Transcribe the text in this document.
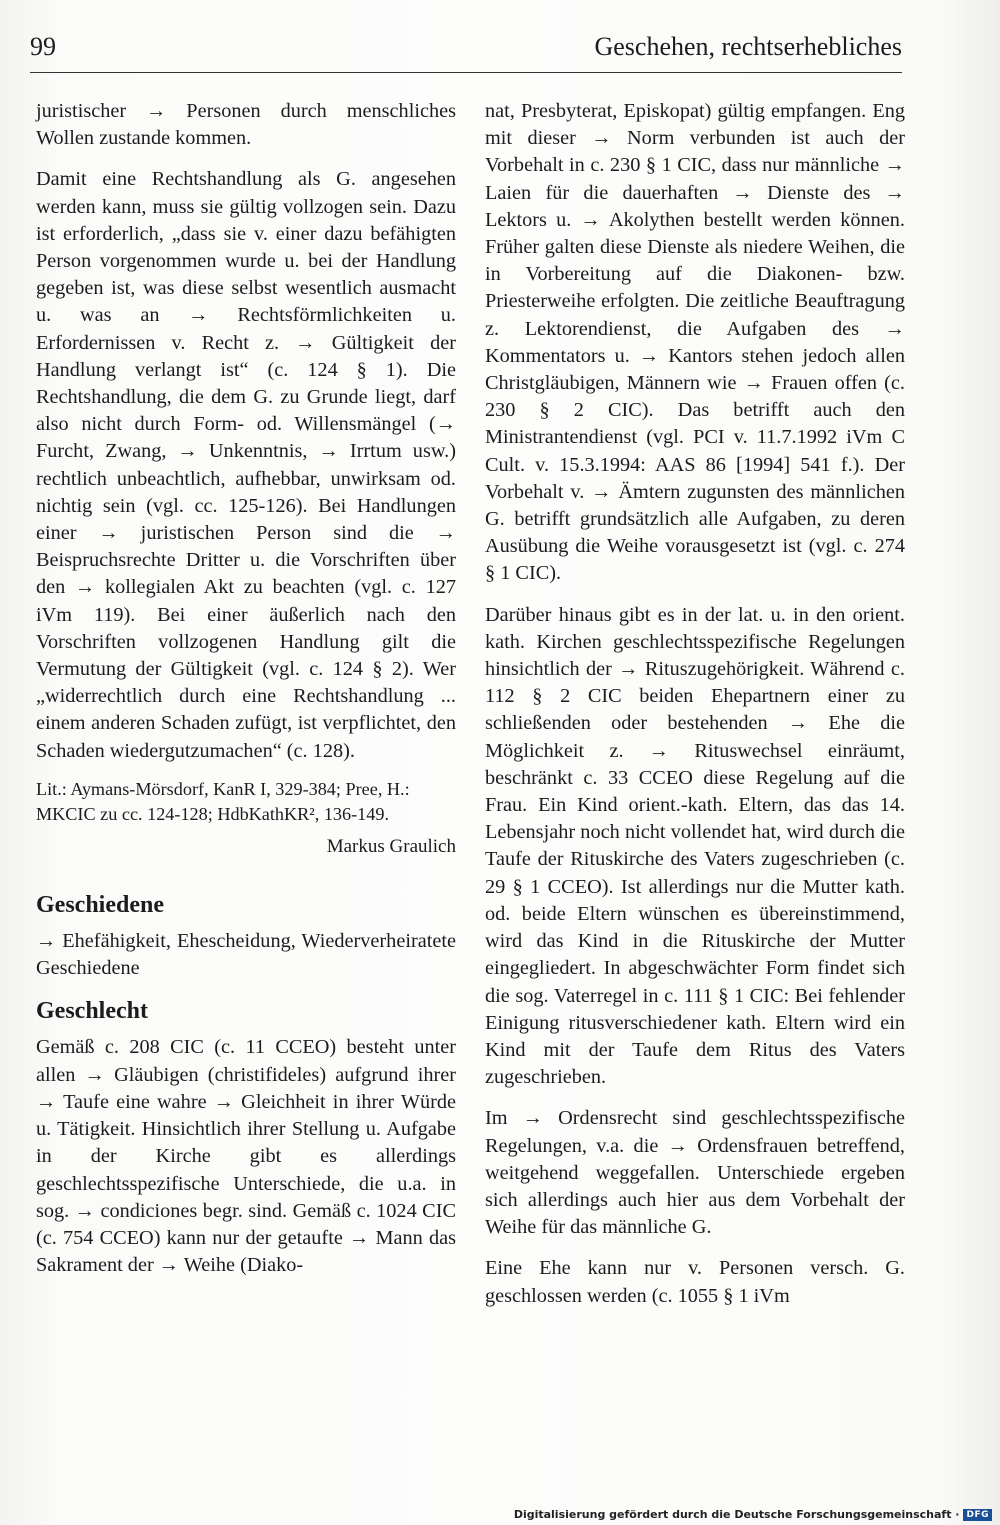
99	Geschehen, rechtserhebliches

juristischer → Personen durch menschliches Wollen zustande kommen.

Damit eine Rechtshandlung als G. angesehen werden kann, muss sie gültig vollzogen sein. Dazu ist erforderlich, „dass sie v. einer dazu befähigten Person vorgenommen wurde u. bei der Handlung gegeben ist, was diese selbst wesentlich ausmacht u. was an → Rechtsförmlichkeiten u. Erfordernissen v. Recht z. → Gültigkeit der Handlung verlangt ist“ (c. 124 § 1). Die Rechtshandlung, die dem G. zu Grunde liegt, darf also nicht durch Form- od. Willensmängel (→ Furcht, Zwang, → Unkenntnis, → Irrtum usw.) rechtlich unbeachtlich, aufhebbar, unwirksam od. nichtig sein (vgl. cc. 125-126). Bei Handlungen einer → juristischen Person sind die → Beispruchsrechte Dritter u. die Vorschriften über den → kollegialen Akt zu beachten (vgl. c. 127 iVm 119). Bei einer äußerlich nach den Vorschriften vollzogenen Handlung gilt die Vermutung der Gültigkeit (vgl. c. 124 § 2). Wer „widerrechtlich durch eine Rechtshandlung ... einem anderen Schaden zufügt, ist verpflichtet, den Schaden wiedergutzumachen“ (c. 128).

Lit.: Aymans-Mörsdorf, KanR I, 329-384; Pree, H.: MKCIC zu cc. 124-128; HdbKathKR², 136-149.

Markus Graulich

Geschiedene

→ Ehefähigkeit, Ehescheidung, Wiederverheiratete Geschiedene

Geschlecht

Gemäß c. 208 CIC (c. 11 CCEO) besteht unter allen → Gläubigen (christifideles) aufgrund ihrer → Taufe eine wahre → Gleichheit in ihrer Würde u. Tätigkeit. Hinsichtlich ihrer Stellung u. Aufgabe in der Kirche gibt es allerdings geschlechtsspezifische Unterschiede, die u.a. in sog. → condiciones begr. sind. Gemäß c. 1024 CIC (c. 754 CCEO) kann nur der getaufte → Mann das Sakrament der → Weihe (Diako-

nat, Presbyterat, Episkopat) gültig empfangen. Eng mit dieser → Norm verbunden ist auch der Vorbehalt in c. 230 § 1 CIC, dass nur männliche → Laien für die dauerhaften → Dienste des → Lektors u. → Akolythen bestellt werden können. Früher galten diese Dienste als niedere Weihen, die in Vorbereitung auf die Diakonen- bzw. Priesterweihe erfolgten. Die zeitliche Beauftragung z. Lektorendienst, die Aufgaben des → Kommentators u. → Kantors stehen jedoch allen Christgläubigen, Männern wie → Frauen offen (c. 230 § 2 CIC). Das betrifft auch den Ministrantendienst (vgl. PCI v. 11.7.1992 iVm C Cult. v. 15.3.1994: AAS 86 [1994] 541 f.). Der Vorbehalt v. → Ämtern zugunsten des männlichen G. betrifft grundsätzlich alle Aufgaben, zu deren Ausübung die Weihe vorausgesetzt ist (vgl. c. 274 § 1 CIC).

Darüber hinaus gibt es in der lat. u. in den orient. kath. Kirchen geschlechtsspezifische Regelungen hinsichtlich der → Rituszugehörigkeit. Während c. 112 § 2 CIC beiden Ehepartnern einer zu schließenden oder bestehenden → Ehe die Möglichkeit z. → Rituswechsel einräumt, beschränkt c. 33 CCEO diese Regelung auf die Frau. Ein Kind orient.-kath. Eltern, das das 14. Lebensjahr noch nicht vollendet hat, wird durch die Taufe der Rituskirche des Vaters zugeschrieben (c. 29 § 1 CCEO). Ist allerdings nur die Mutter kath. od. beide Eltern wünschen es übereinstimmend, wird das Kind in die Rituskirche der Mutter eingegliedert. In abgeschwächter Form findet sich die sog. Vaterregel in c. 111 § 1 CIC: Bei fehlender Einigung ritusverschiedener kath. Eltern wird ein Kind mit der Taufe dem Ritus des Vaters zugeschrieben.

Im → Ordensrecht sind geschlechtsspezifische Regelungen, v.a. die → Ordensfrauen betreffend, weitgehend weggefallen. Unterschiede ergeben sich allerdings auch hier aus dem Vorbehalt der Weihe für das männliche G.

Eine Ehe kann nur v. Personen versch. G. geschlossen werden (c. 1055 § 1 iVm

Digitalisierung gefördert durch die Deutsche Forschungsgemeinschaft · DFG
